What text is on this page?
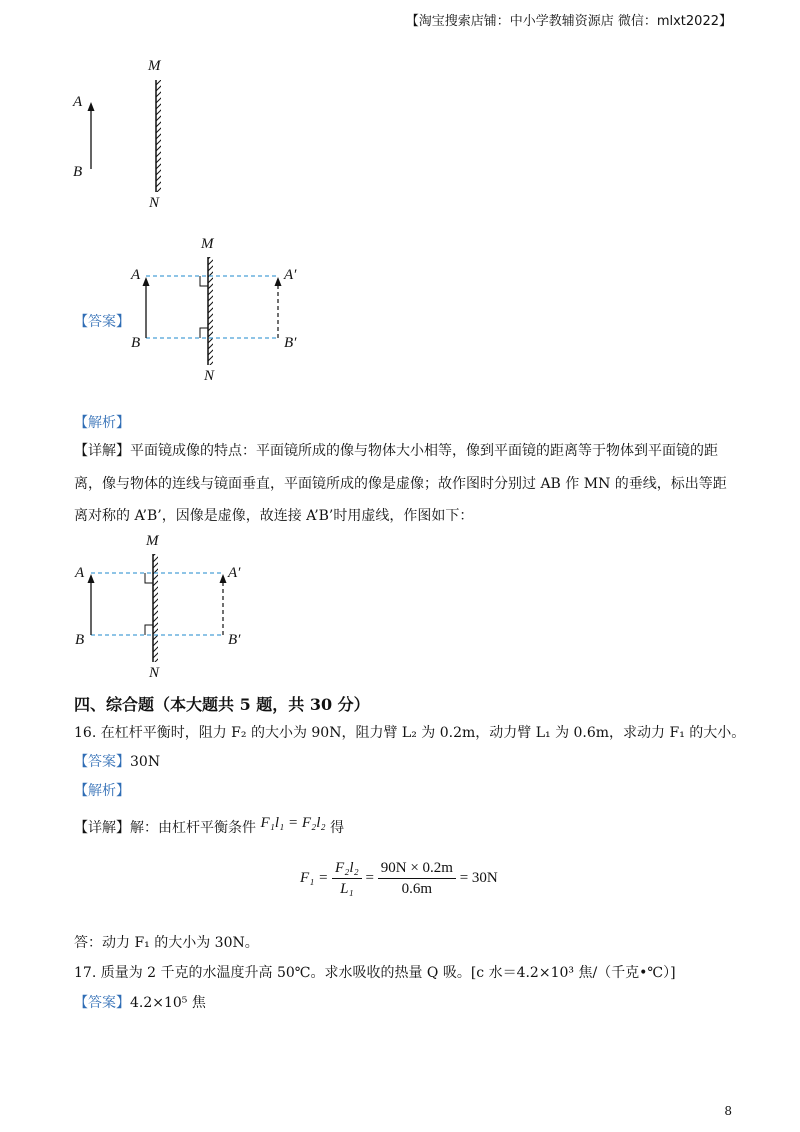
【淘宝搜索店铺：中小学教辅资源店 微信：mlxt2022】
M
N
A
B
【答案】
M
N
A
B
A′
B′
【解析】
【详解】平面镜成像的特点：平面镜所成的像与物体大小相等，像到平面镜的距离等于物体到平面镜的距
离，像与物体的连线与镜面垂直，平面镜所成的像是虚像；故作图时分别过 AB 作 MN 的垂线，标出等距
离对称的 A’B’，因像是虚像，故连接 A’B’时用虚线，作图如下：
M
N
A
B
A′
B′
四、综合题（本大题共 5 题，共 30 分）
16. 在杠杆平衡时，阻力 F₂ 的大小为 90N，阻力臂 L₂ 为 0.2m，动力臂 L₁ 为 0.6m，求动力 F₁ 的大小。
【答案】30N
【解析】
【详解】解：由杠杆平衡条件 F₁l₁ = F₂l₂ 得
$F_1 = \frac{\text{F₂l₂}}{\text{L₁}} = \frac{90N \times 0.2m}{0.6m} = 30N$
答：动力 F₁ 的大小为 30N。
17. 质量为 2 千克的水温度升高 50℃。求水吸收的热量 Q 吸。[c 水＝4.2×10³ 焦/（千克•℃）]
【答案】4.2×10⁵ 焦
8
